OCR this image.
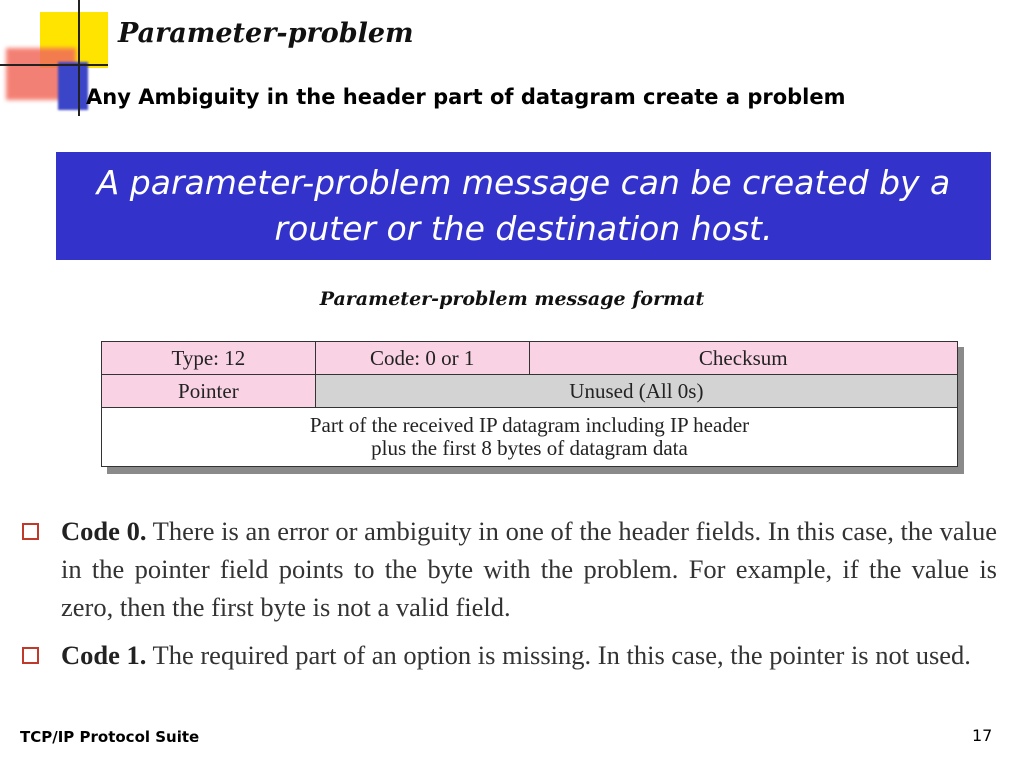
Parameter-problem

Any Ambiguity in the header part of datagram create a problem

A parameter-problem message can be created by a router or the destination host.
Parameter-problem message format
Type: 12	Code: 0 or 1	Checksum
Pointer	Unused (All 0s)	
Part of the received IP datagram including IP header
plus the first 8 bytes of datagram data		
Code 0. There is an error or ambiguity in one of the header fields. In this case, the value in the pointer field points to the byte with the problem. For example, if the value is zero, then the first byte is not a valid field.
Code 1. The required part of an option is missing. In this case, the pointer is not used.
TCP/IP Protocol Suite	17
